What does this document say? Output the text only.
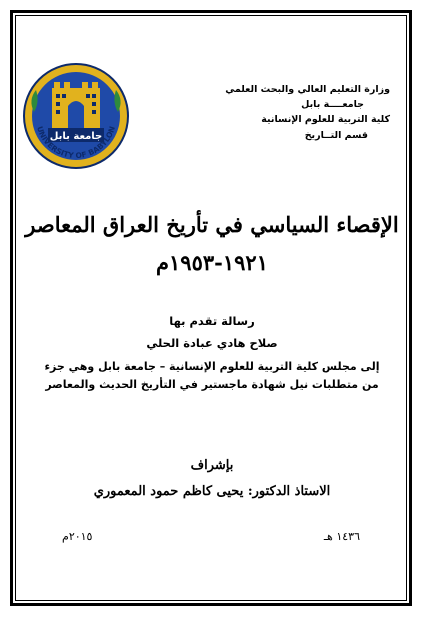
وزارة التعليم العالي والبحث العلمي
جامعــــة بابل
كلية التربية للعلوم الإنسانية
قسم التــاريخ
جامعة بابل
UNIVERSITY OF BABYLON
الإقصاء السياسي في تأريخ العراق المعاصر
١٩٢١-١٩٥٣م
رسالة تقدم بها
صلاح هادي عبادة الحلي
إلى مجلس كلية التربية للعلوم الإنسانية – جامعة بابل وهي جزء
من متطلبات نيل شهادة ماجستير في التأريخ الحديث والمعاصر
بإشراف
الاستاذ الدكتور: يحيى كاظم حمود المعموري
١٤٣٦ هـ
٢٠١٥م
